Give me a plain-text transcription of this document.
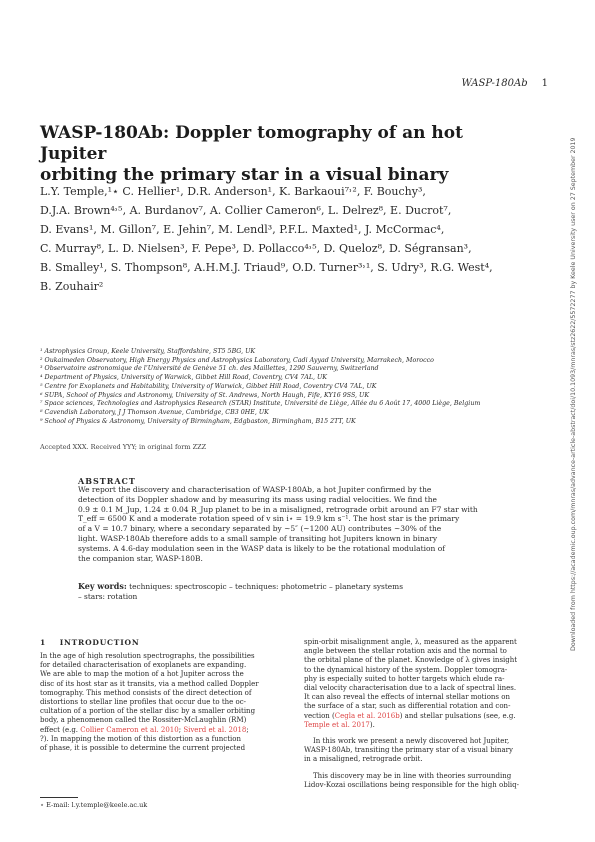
WASP-180Ab 1
WASP-180Ab: Doppler tomography of an hot Jupiter
orbiting the primary star in a visual binary
L.Y. Temple,¹⋆ C. Hellier¹, D.R. Anderson¹, K. Barkaoui⁷˒², F. Bouchy³,
D.J.A. Brown⁴˒⁵, A. Burdanov⁷, A. Collier Cameron⁶, L. Delrez⁸, E. Ducrot⁷,
D. Evans¹, M. Gillon⁷, E. Jehin⁷, M. Lendl³, P.F.L. Maxted¹, J. McCormac⁴,
C. Murray⁸, L. D. Nielsen³, F. Pepe³, D. Pollacco⁴˒⁵, D. Queloz⁸, D. Ségransan³,
B. Smalley¹, S. Thompson⁸, A.H.M.J. Triaud⁹, O.D. Turner³˒¹, S. Udry³, R.G. West⁴,
B. Zouhair²
¹ Astrophysics Group, Keele University, Staffordshire, ST5 5BG, UK
² Oukaimeden Observatory, High Energy Physics and Astrophysics Laboratory, Cadi Ayyad University, Marrakech, Morocco
³ Observatoire astronomique de l’Université de Genève 51 ch. des Maillettes, 1290 Sauverny, Switzerland
⁴ Department of Physics, University of Warwick, Gibbet Hill Road, Coventry, CV4 7AL, UK
⁵ Centre for Exoplanets and Habitability, University of Warwick, Gibbet Hill Road, Coventry CV4 7AL, UK
⁶ SUPA, School of Physics and Astronomy, University of St. Andrews, North Haugh, Fife, KY16 9SS, UK
⁷ Space sciences, Technologies and Astrophysics Research (STAR) Institute, Université de Liège, Allée du 6 Août 17, 4000 Liège, Belgium
⁸ Cavendish Laboratory, J J Thomson Avenue, Cambridge, CB3 0HE, UK
⁹ School of Physics & Astronomy, University of Birmingham, Edgbaston, Birmingham, B15 2TT, UK
Accepted XXX. Received YYY; in original form ZZZ
ABSTRACT
We report the discovery and characterisation of WASP-180Ab, a hot Jupiter confirmed by the
detection of its Doppler shadow and by measuring its mass using radial velocities. We find the
0.9 ± 0.1 M_Jup, 1.24 ± 0.04 R_Jup planet to be in a misaligned, retrograde orbit around an F7 star with
T_eff = 6500 K and a moderate rotation speed of v sin i⋆ = 19.9 km s⁻¹. The host star is the primary
of a V = 10.7 binary, where a secondary separated by ~5″ (~1200 AU) contributes ~30% of the
light. WASP-180Ab therefore adds to a small sample of transiting hot Jupiters known in binary
systems. A 4.6-day modulation seen in the WASP data is likely to be the rotational modulation of
the companion star, WASP-180B.
Key words: techniques: spectroscopic – techniques: photometric – planetary systems
– stars: rotation
1 INTRODUCTION
In the age of high resolution spectrographs, the possibilities
for detailed characterisation of exoplanets are expanding.
We are able to map the motion of a hot Jupiter across the
disc of its host star as it transits, via a method called Doppler
tomography. This method consists of the direct detection of
distortions to stellar line profiles that occur due to the oc-
cultation of a portion of the stellar disc by a smaller orbiting
body, a phenomenon called the Rossiter-McLaughlin (RM)
effect (e.g. Collier Cameron et al. 2010; Siverd et al. 2018;
?). In mapping the motion of this distortion as a function
of phase, it is possible to determine the current projected
spin-orbit misalignment angle, λ, measured as the apparent
angle between the stellar rotation axis and the normal to
the orbital plane of the planet. Knowledge of λ gives insight
to the dynamical history of the system. Doppler tomogra-
phy is especially suited to hotter targets which elude ra-
dial velocity characterisation due to a lack of spectral lines.
It can also reveal the effects of internal stellar motions on
the surface of a star, such as differential rotation and con-
vection (Cegla et al. 2016b) and stellar pulsations (see, e.g.
Temple et al. 2017).
In this work we present a newly discovered hot Jupiter,
WASP-180Ab, transiting the primary star of a visual binary
in a misaligned, retrograde orbit.
This discovery may be in line with theories surrounding
Lidov-Kozai oscillations being responsible for the high obliq-
⋆ E-mail: l.y.temple@keele.ac.uk
Downloaded from https://academic.oup.com/mnras/advance-article-abstract/doi/10.1093/mnras/stz2622/5572277 by Keele University user on 27 September 2019
